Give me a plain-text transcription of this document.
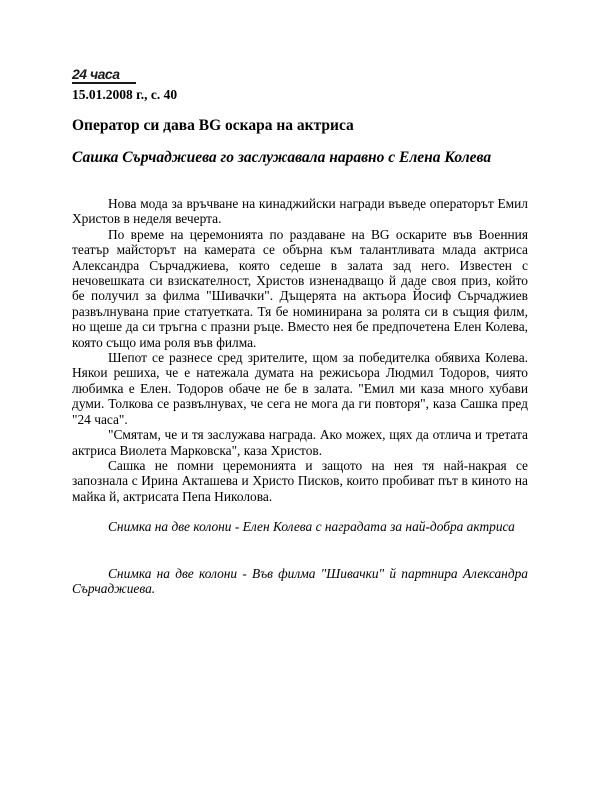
24 часа
15.01.2008 г., с. 40
Оператор си дава BG оскара на актриса
Сашка Сърчаджиева го заслужавала наравно с Елена Колева

Нова мода за връчване на кинаджийски награди въведе операторът Емил Христов в неделя вечерта.

По време на церемонията по раздаване на BG оскарите във Военния театър майсторът на камерата се обърна към талантливата млада актриса Александра Сърчаджиева, която седеше в залата зад него. Известен с нечовешката си взискателност, Христов изненадващо й даде своя приз, който бе получил за филма "Шивачки". Дъщерята на актьора Йосиф Сърчаджиев развълнувана прие статуетката. Тя бе номинирана за ролята си в същия филм, но щеше да си тръгна с празни ръце. Вместо нея бе предпочетена Елен Колева, която също има роля във филма.

Шепот се разнесе сред зрителите, щом за победителка обявиха Колева. Някои решиха, че е натежала думата на режисьора Людмил Тодоров, чиято любимка е Елен. Тодоров обаче не бе в залата. "Емил ми каза много хубави думи. Толкова се развълнувах, че сега не мога да ги повторя", каза Сашка пред "24 часа".

"Смятам, че и тя заслужава награда. Ако можех, щях да отлича и третата актриса Виолета Марковска", каза Христов.

Сашка не помни церемонията и защото на нея тя най-накрая се запознала с Ирина Акташева и Христо Писков, които пробиват път в киното на майка й, актрисата Пепа Николова.

Снимка на две колони - Елен Колева с наградата за най-добра актриса

Снимка на две колони - Във филма "Шивачки" й партнира Александра Сърчаджиева.
